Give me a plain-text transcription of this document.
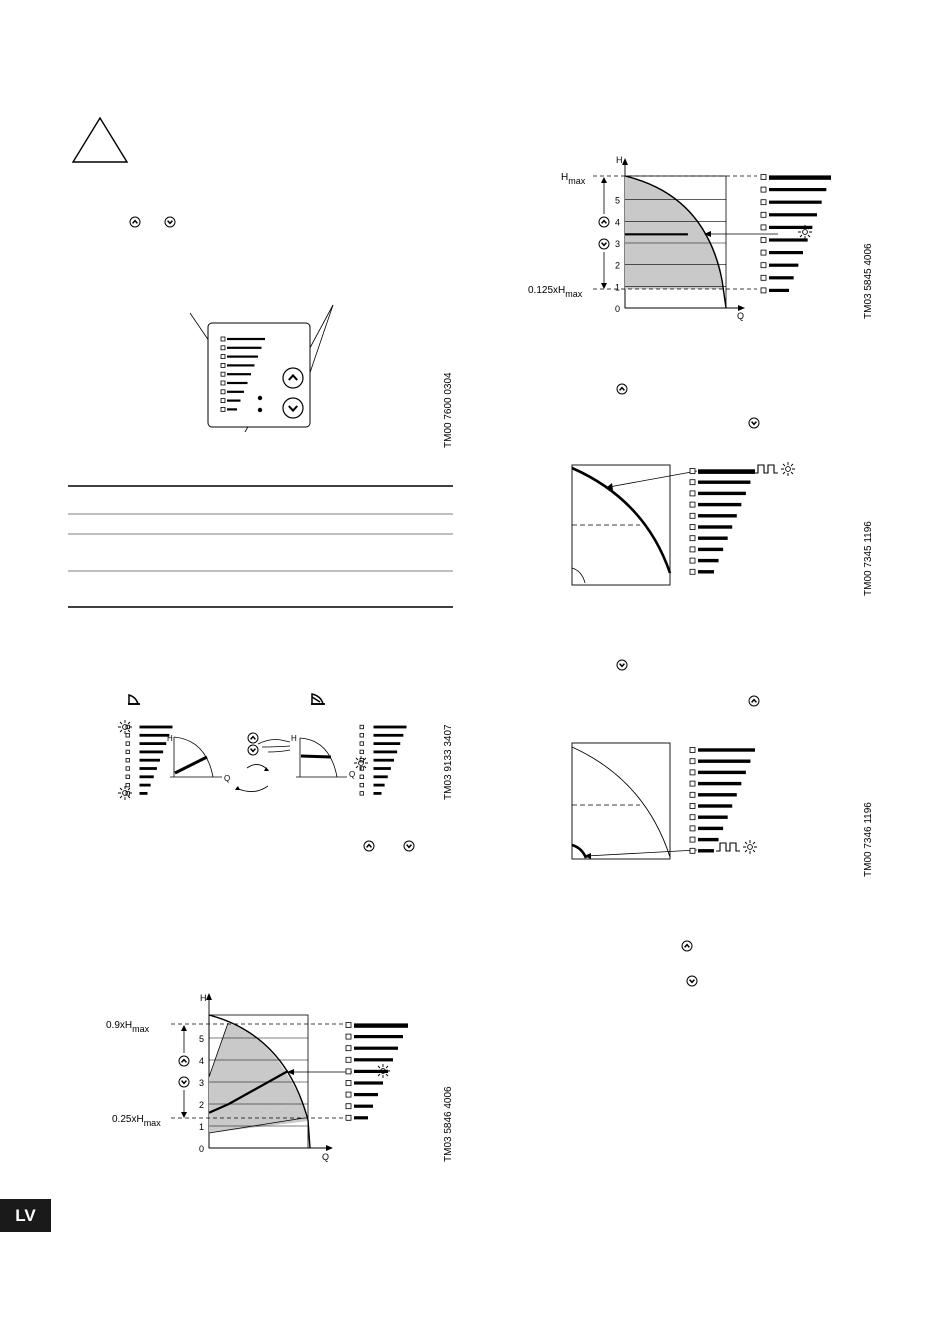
H
Q
H
Q
H
Q
0
1
2
3
4
5
0.9xHmax
0.25xHmax
H
Q
0
1
2
3
4
5
Hmax
0.125xHmax
TM00 7600 0304
TM03 9133 3407
TM03 5846 4006
TM03 5845 4006
TM00 7345 1196
TM00 7346 1196
LV
